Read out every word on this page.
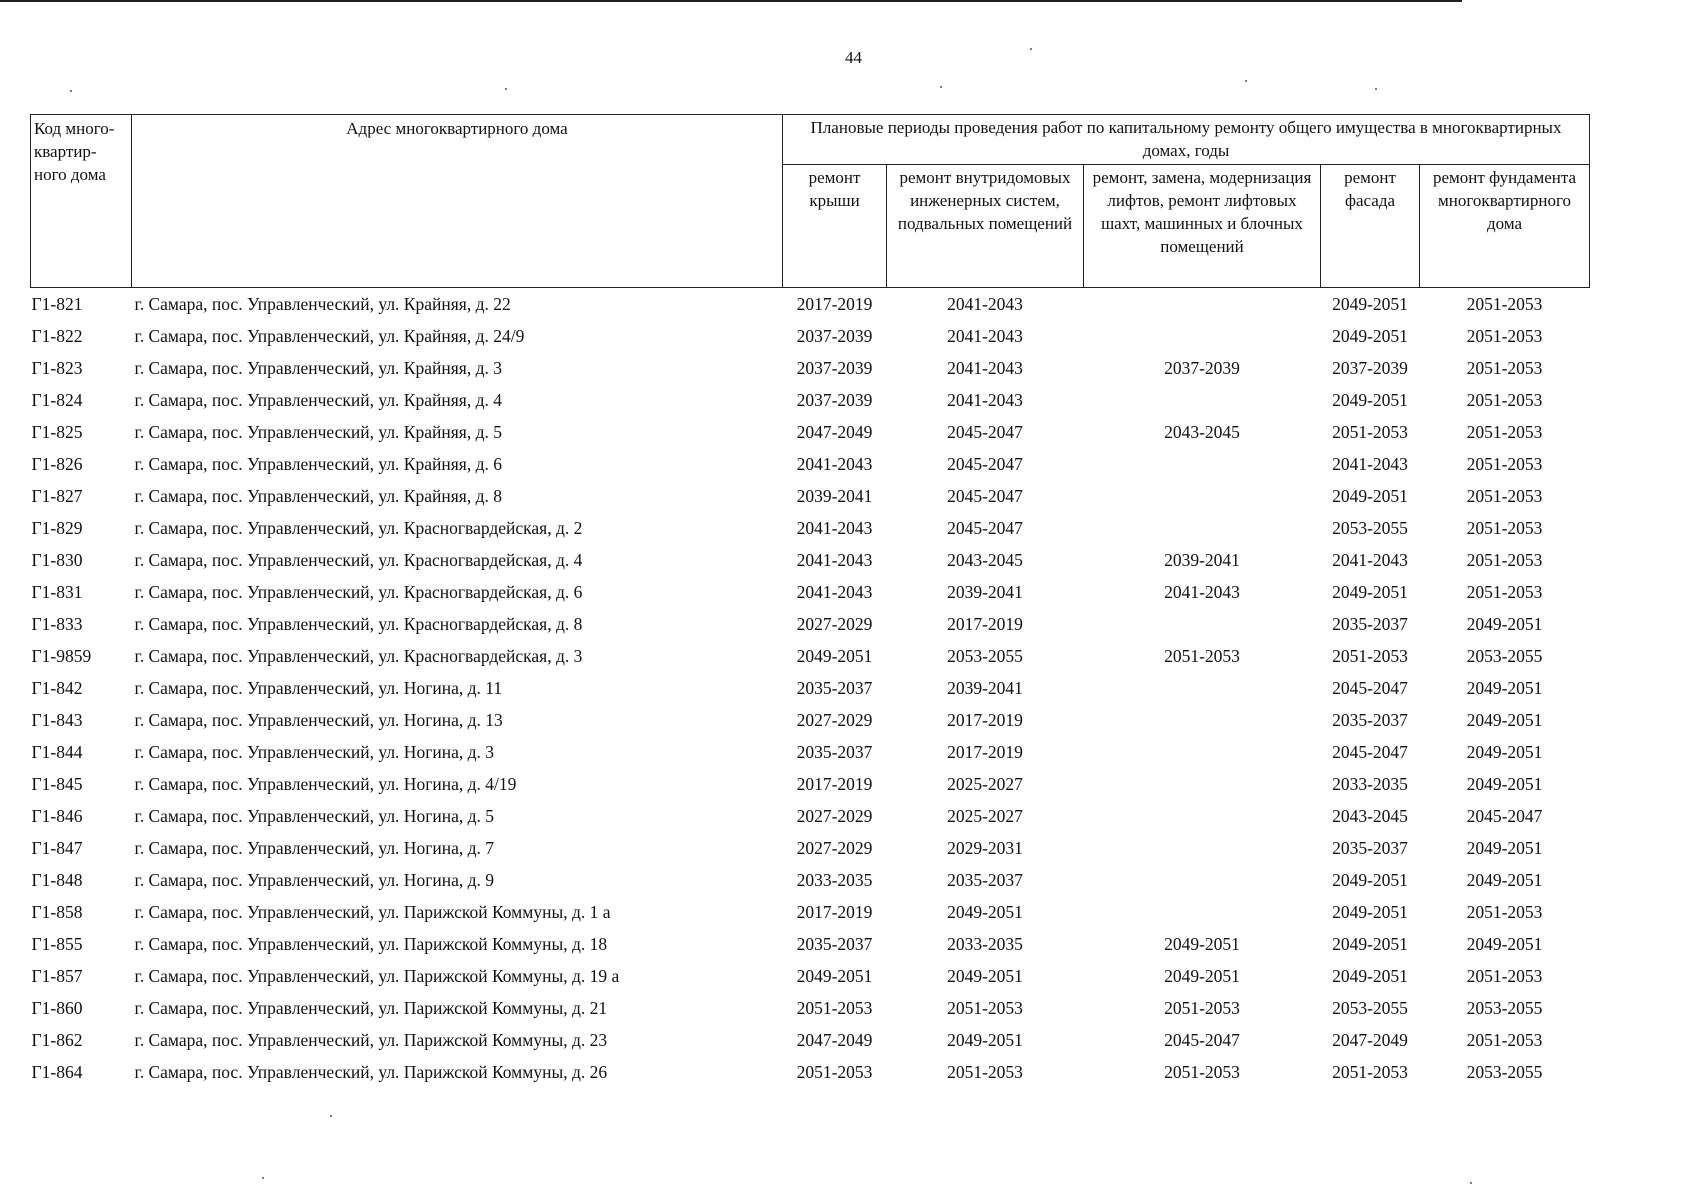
44
Код много-квартир-ного дома	Адрес многоквартирного дома	Плановые периоды проведения работ по капитальному ремонту общего имущества в многоквартирных домах, годы				
		ремонт крыши	ремонт внутридомовых инженерных систем, подвальных помещений	ремонт, замена, модернизация лифтов, ремонт лифтовых шахт, машинных и блочных помещений	ремонт фасада	ремонт фундамента многоквартирного дома
Г1-821	г. Самара, пос. Управленческий, ул. Крайняя, д. 22	2017-2019	2041-2043		2049-2051	2051-2053
Г1-822	г. Самара, пос. Управленческий, ул. Крайняя, д. 24/9	2037-2039	2041-2043		2049-2051	2051-2053
Г1-823	г. Самара, пос. Управленческий, ул. Крайняя, д. 3	2037-2039	2041-2043	2037-2039	2037-2039	2051-2053
Г1-824	г. Самара, пос. Управленческий, ул. Крайняя, д. 4	2037-2039	2041-2043		2049-2051	2051-2053
Г1-825	г. Самара, пос. Управленческий, ул. Крайняя, д. 5	2047-2049	2045-2047	2043-2045	2051-2053	2051-2053
Г1-826	г. Самара, пос. Управленческий, ул. Крайняя, д. 6	2041-2043	2045-2047		2041-2043	2051-2053
Г1-827	г. Самара, пос. Управленческий, ул. Крайняя, д. 8	2039-2041	2045-2047		2049-2051	2051-2053
Г1-829	г. Самара, пос. Управленческий, ул. Красногвардейская, д. 2	2041-2043	2045-2047		2053-2055	2051-2053
Г1-830	г. Самара, пос. Управленческий, ул. Красногвардейская, д. 4	2041-2043	2043-2045	2039-2041	2041-2043	2051-2053
Г1-831	г. Самара, пос. Управленческий, ул. Красногвардейская, д. 6	2041-2043	2039-2041	2041-2043	2049-2051	2051-2053
Г1-833	г. Самара, пос. Управленческий, ул. Красногвардейская, д. 8	2027-2029	2017-2019		2035-2037	2049-2051
Г1-9859	г. Самара, пос. Управленческий, ул. Красногвардейская, д. 3	2049-2051	2053-2055	2051-2053	2051-2053	2053-2055
Г1-842	г. Самара, пос. Управленческий, ул. Ногина, д. 11	2035-2037	2039-2041		2045-2047	2049-2051
Г1-843	г. Самара, пос. Управленческий, ул. Ногина, д. 13	2027-2029	2017-2019		2035-2037	2049-2051
Г1-844	г. Самара, пос. Управленческий, ул. Ногина, д. 3	2035-2037	2017-2019		2045-2047	2049-2051
Г1-845	г. Самара, пос. Управленческий, ул. Ногина, д. 4/19	2017-2019	2025-2027		2033-2035	2049-2051
Г1-846	г. Самара, пос. Управленческий, ул. Ногина, д. 5	2027-2029	2025-2027		2043-2045	2045-2047
Г1-847	г. Самара, пос. Управленческий, ул. Ногина, д. 7	2027-2029	2029-2031		2035-2037	2049-2051
Г1-848	г. Самара, пос. Управленческий, ул. Ногина, д. 9	2033-2035	2035-2037		2049-2051	2049-2051
Г1-858	г. Самара, пос. Управленческий, ул. Парижской Коммуны, д. 1 а	2017-2019	2049-2051		2049-2051	2051-2053
Г1-855	г. Самара, пос. Управленческий, ул. Парижской Коммуны, д. 18	2035-2037	2033-2035	2049-2051	2049-2051	2049-2051
Г1-857	г. Самара, пос. Управленческий, ул. Парижской Коммуны, д. 19 а	2049-2051	2049-2051	2049-2051	2049-2051	2051-2053
Г1-860	г. Самара, пос. Управленческий, ул. Парижской Коммуны, д. 21	2051-2053	2051-2053	2051-2053	2053-2055	2053-2055
Г1-862	г. Самара, пос. Управленческий, ул. Парижской Коммуны, д. 23	2047-2049	2049-2051	2045-2047	2047-2049	2051-2053
Г1-864	г. Самара, пос. Управленческий, ул. Парижской Коммуны, д. 26	2051-2053	2051-2053	2051-2053	2051-2053	2053-2055
